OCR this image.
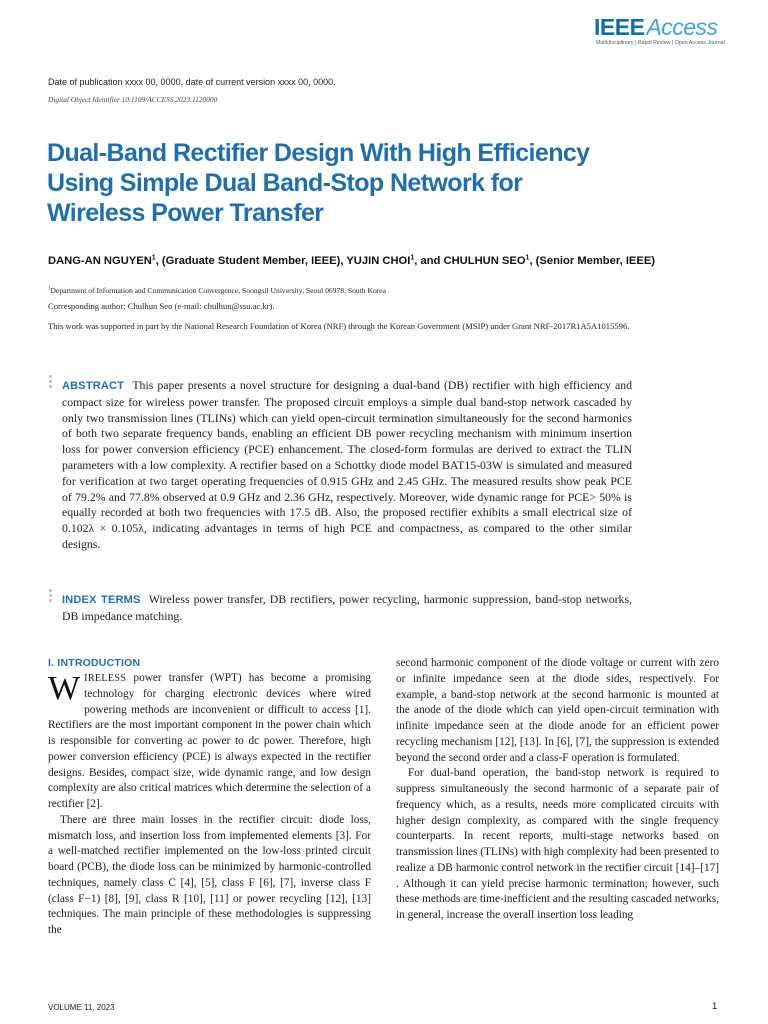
IEEEAccess
Multidisciplinary | Rapid Review | Open Access Journal
Date of publication xxxx 00, 0000, date of current version xxxx 00, 0000.
Digital Object Identifier 10.1109/ACCESS.2023.1120000
Dual-Band Rectifier Design With High Efficiency
Using Simple Dual Band-Stop Network for
Wireless Power Transfer
DANG-AN NGUYEN$^1$, (Graduate Student Member, IEEE), YUJIN CHOI$^1$, and CHULHUN SEO$^1$, (Senior Member, IEEE)
$^1$Department of Information and Communication Convergence, Soongsil University, Seoul 06978, South Korea
Corresponding author: Chulhun Seo (e-mail: chulhun@ssu.ac.kr).
This work was supported in part by the National Research Foundation of Korea (NRF) through the Korean Government (MSIP) under Grant NRF-2017R1A5A1015596.
ABSTRACT This paper presents a novel structure for designing a dual-band (DB) rectifier with high efficiency and compact size for wireless power transfer. The proposed circuit employs a simple dual band-stop network cascaded by only two transmission lines (TLINs) which can yield open-circuit termination simultaneously for the second harmonics of both two separate frequency bands, enabling an efficient DB power recycling mechanism with minimum insertion loss for power conversion efficiency (PCE) enhancement. The closed-form formulas are derived to extract the TLIN parameters with a low complexity. A rectifier based on a Schottky diode model BAT15-03W is simulated and measured for verification at two target operating frequencies of 0.915 GHz and 2.45 GHz. The measured results show peak PCE of 79.2% and 77.8% observed at 0.9 GHz and 2.36 GHz, respectively. Moreover, wide dynamic range for PCE> 50% is equally recorded at both two frequencies with 17.5 dB. Also, the proposed rectifier exhibits a small electrical size of 0.102λ × 0.105λ, indicating advantages in terms of high PCE and compactness, as compared to the other similar designs.
INDEX TERMS Wireless power transfer, DB rectifiers, power recycling, harmonic suppression, band-stop networks, DB impedance matching.
I. INTRODUCTION

WIRELESS power transfer (WPT) has become a promising technology for charging electronic devices where wired powering methods are inconvenient or difficult to access [1]. Rectifiers are the most important component in the power chain which is responsible for converting ac power to dc power. Therefore, high power conversion efficiency (PCE) is always expected in the rectifier designs. Besides, compact size, wide dynamic range, and low design complexity are also critical matrices which determine the selection of a rectifier [2].

There are three main losses in the rectifier circuit: diode loss, mismatch loss, and insertion loss from implemented elements [3]. For a well-matched rectifier implemented on the low-loss printed circuit board (PCB), the diode loss can be minimized by harmonic-controlled techniques, namely class C [4], [5], class F [6], [7], inverse class F (class F−1) [8], [9], class R [10], [11] or power recycling [12], [13] techniques. The main principle of these methodologies is suppressing the

second harmonic component of the diode voltage or current with zero or infinite impedance seen at the diode sides, respectively. For example, a band-stop network at the second harmonic is mounted at the anode of the diode which can yield open-circuit termination with infinite impedance seen at the diode anode for an efficient power recycling mechanism [12], [13]. In [6], [7], the suppression is extended beyond the second order and a class-F operation is formulated.

For dual-band operation, the band-stop network is required to suppress simultaneously the second harmonic of a separate pair of frequency which, as a results, needs more complicated circuits with higher design complexity, as compared with the single frequency counterparts. In recent reports, multi-stage networks based on transmission lines (TLINs) with high complexity had been presented to realize a DB harmonic control network in the rectifier circuit [14]–[17] . Although it can yield precise harmonic termination; however, such these methods are time-inefficient and the resulting cascaded networks, in general, increase the overall insertion loss leading

VOLUME 11, 2023	1
